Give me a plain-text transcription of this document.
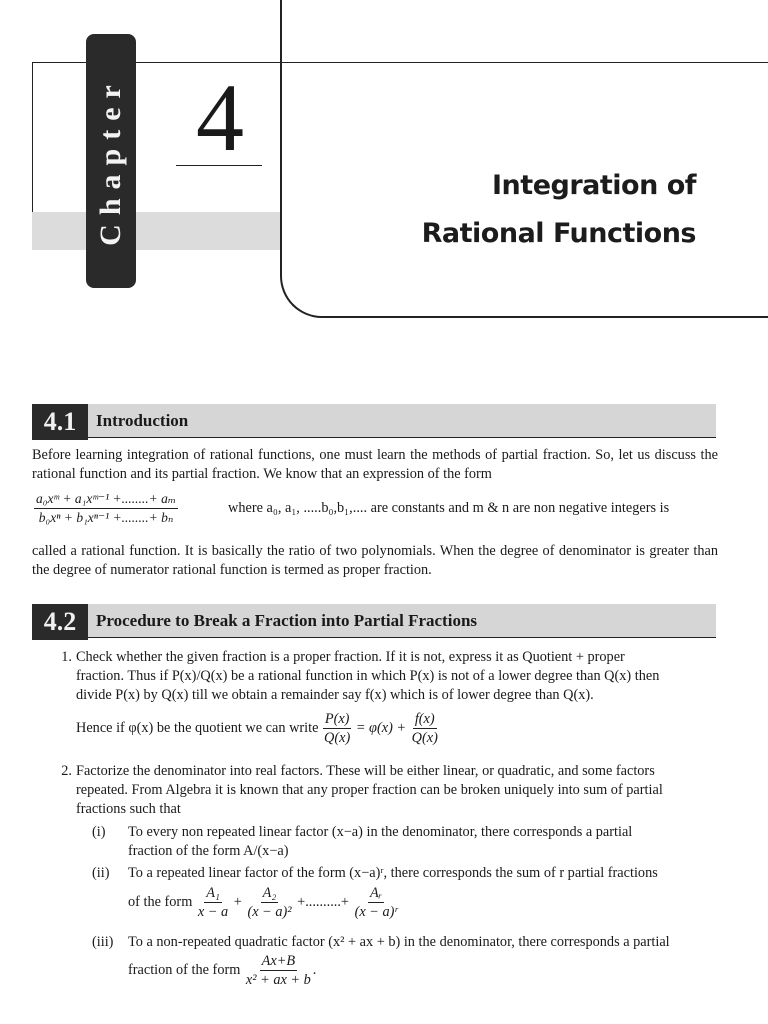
Chapter 4
Integration of
Rational Functions
4.1	Introduction
Before learning integration of rational functions, one must learn the methods of partial fraction. So, let us discuss the rational function and its partial fraction. We know that an expression of the form
$\frac{\text{a₀xᵐ + a₁xᵐ⁻¹ +........+ aₘ}}{\text{b₀xⁿ + b₁xⁿ⁻¹ +........+ bₙ}}$	where a₀, a₁, .....b₀,b₁,.... are constants and m & n are non negative integers is
called a rational function. It is basically the ratio of two polynomials. When the degree of denominator is greater than the degree of numerator rational function is termed as proper fraction.
4.2	Procedure to Break a Fraction into Partial Fractions
1. Check whether the given fraction is a proper fraction. If it is not, express it as Quotient + proper
fraction. Thus if P(x)/Q(x) be a rational function in which P(x) is not of a lower degree than Q(x) then
divide P(x) by Q(x) till we obtain a remainder say f(x) which is of lower degree than Q(x).
Hence if φ(x) be the quotient we can write $\frac{P(x)}{Q(x)} = \varphi(x) + \frac{f(x)}{Q(x)}$
2. Factorize the denominator into real factors. These will be either linear, or quadratic, and some factors
repeated. From Algebra it is known that any proper fraction can be broken uniquely into sum of partial
fractions such that
(i)	To every non repeated linear factor (x−a) in the denominator, there corresponds a partial
fraction of the form A/(x−a)
(ii)	To a repeated linear factor of the form (x−a)ʳ, there corresponds the sum of r partial fractions
of the form $\frac{\text{A₁}}{x - a} + \frac{\text{A₂}}{\text{(x − a)²}}$ +..........+ $\frac{\text{Aᵣ}}{\text{(x − a)ʳ}}$
(iii)	To a non-repeated quadratic factor (x² + ax + b) in the denominator, there corresponds a partial
fraction of the form $\frac{Ax+B}{\text{x² + ax + b}}$ .
